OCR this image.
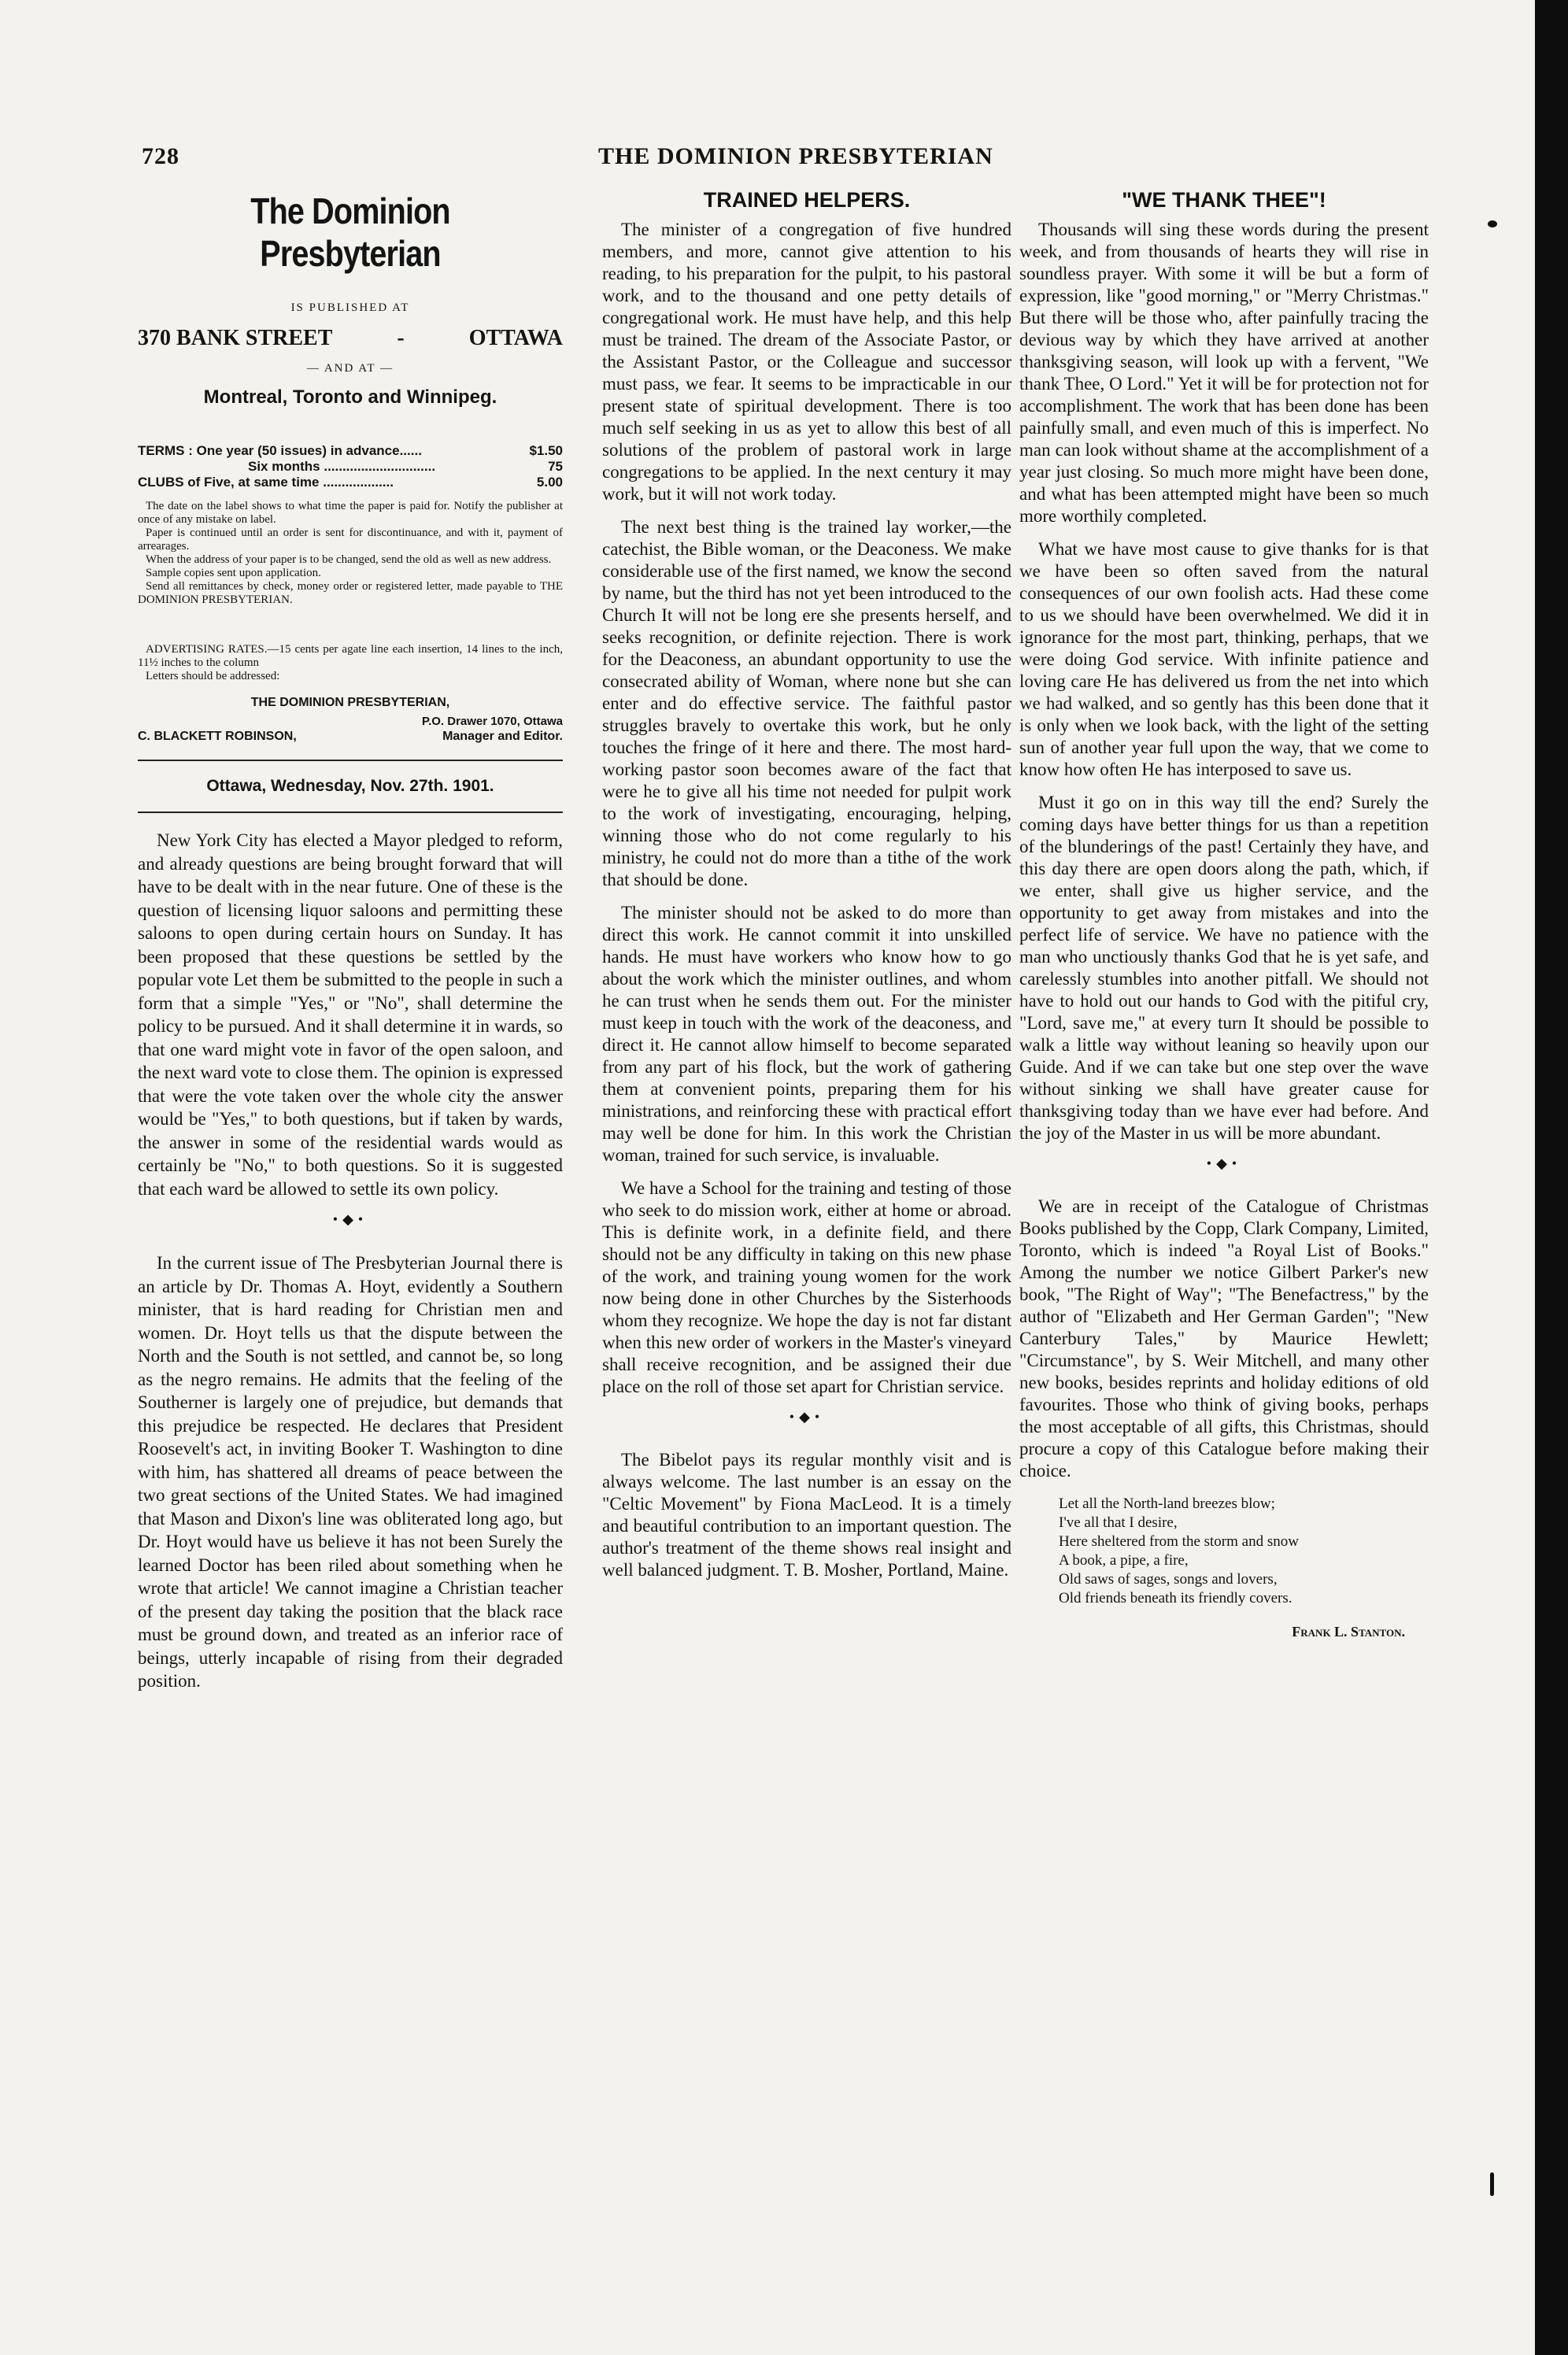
728	THE DOMINION PRESBYTERIAN
The Dominion Presbyterian
IS PUBLISHED AT
370 BANK STREET	-	OTTAWA
— AND AT —
Montreal, Toronto and Winnipeg.
TERMS : One year (50 issues) in advance......	$1.50
Six months ..............................	75
CLUBS of Five, at same time ...................	5.00

The date on the label shows to what time the paper is paid for. Notify the publisher at once of any mistake on label.

Paper is continued until an order is sent for discontinuance, and with it, payment of arrearages.

When the address of your paper is to be changed, send the old as well as new address.

Sample copies sent upon application.

Send all remittances by check, money order or registered letter, made payable to THE DOMINION PRESBYTERIAN.

ADVERTISING RATES.—15 cents per agate line each insertion, 14 lines to the inch, 11½ inches to the column

Letters should be addressed:

THE DOMINION PRESBYTERIAN,
P.O. Drawer 1070, Ottawa
C. BLACKETT ROBINSON,	Manager and Editor.
Ottawa, Wednesday, Nov. 27th. 1901.

New York City has elected a Mayor pledged to reform, and already questions are being brought forward that will have to be dealt with in the near future. One of these is the question of licensing liquor saloons and permitting these saloons to open during certain hours on Sunday. It has been proposed that these questions be settled by the popular vote Let them be submitted to the people in such a form that a simple "Yes," or "No", shall determine the policy to be pursued. And it shall determine it in wards, so that one ward might vote in favor of the open saloon, and the next ward vote to close them. The opinion is expressed that were the vote taken over the whole city the answer would be "Yes," to both questions, but if taken by wards, the answer in some of the residential wards would as certainly be "No," to both questions. So it is suggested that each ward be allowed to settle its own policy.

•◆•

In the current issue of The Presbyterian Journal there is an article by Dr. Thomas A. Hoyt, evidently a Southern minister, that is hard reading for Christian men and women. Dr. Hoyt tells us that the dispute between the North and the South is not settled, and cannot be, so long as the negro remains. He admits that the feeling of the Southerner is largely one of prejudice, but demands that this prejudice be respected. He declares that President Roosevelt's act, in inviting Booker T. Washington to dine with him, has shattered all dreams of peace between the two great sections of the United States. We had imagined that Mason and Dixon's line was obliterated long ago, but Dr. Hoyt would have us believe it has not been Surely the learned Doctor has been riled about something when he wrote that article! We cannot imagine a Christian teacher of the present day taking the position that the black race must be ground down, and treated as an inferior race of beings, utterly incapable of rising from their degraded position.

TRAINED HELPERS.

The minister of a congregation of five hundred members, and more, cannot give attention to his reading, to his preparation for the pulpit, to his pastoral work, and to the thousand and one petty details of congregational work. He must have help, and this help must be trained. The dream of the Associate Pastor, or the Assistant Pastor, or the Colleague and successor must pass, we fear. It seems to be impracticable in our present state of spiritual development. There is too much self seeking in us as yet to allow this best of all solutions of the problem of pastoral work in large congregations to be applied. In the next century it may work, but it will not work today.

The next best thing is the trained lay worker,—the catechist, the Bible woman, or the Deaconess. We make considerable use of the first named, we know the second by name, but the third has not yet been introduced to the Church It will not be long ere she presents herself, and seeks recognition, or definite rejection. There is work for the Deaconess, an abundant opportunity to use the consecrated ability of Woman, where none but she can enter and do effective service. The faithful pastor struggles bravely to overtake this work, but he only touches the fringe of it here and there. The most hard-working pastor soon becomes aware of the fact that were he to give all his time not needed for pulpit work to the work of investigating, encouraging, helping, winning those who do not come regularly to his ministry, he could not do more than a tithe of the work that should be done.

The minister should not be asked to do more than direct this work. He cannot commit it into unskilled hands. He must have workers who know how to go about the work which the minister outlines, and whom he can trust when he sends them out. For the minister must keep in touch with the work of the deaconess, and direct it. He cannot allow himself to become separated from any part of his flock, but the work of gathering them at convenient points, preparing them for his ministrations, and reinforcing these with practical effort may well be done for him. In this work the Christian woman, trained for such service, is invaluable.

We have a School for the training and testing of those who seek to do mission work, either at home or abroad. This is definite work, in a definite field, and there should not be any difficulty in taking on this new phase of the work, and training young women for the work now being done in other Churches by the Sisterhoods whom they recognize. We hope the day is not far distant when this new order of workers in the Master's vineyard shall receive recognition, and be assigned their due place on the roll of those set apart for Christian service.

•◆•

The Bibelot pays its regular monthly visit and is always welcome. The last number is an essay on the "Celtic Movement" by Fiona MacLeod. It is a timely and beautiful contribution to an important question. The author's treatment of the theme shows real insight and well balanced judgment. T. B. Mosher, Portland, Maine.

"WE THANK THEE"!

Thousands will sing these words during the present week, and from thousands of hearts they will rise in soundless prayer. With some it will be but a form of expression, like "good morning," or "Merry Christmas." But there will be those who, after painfully tracing the devious way by which they have arrived at another thanksgiving season, will look up with a fervent, "We thank Thee, O Lord." Yet it will be for protection not for accomplishment. The work that has been done has been painfully small, and even much of this is imperfect. No man can look without shame at the accomplishment of a year just closing. So much more might have been done, and what has been attempted might have been so much more worthily completed.

What we have most cause to give thanks for is that we have been so often saved from the natural consequences of our own foolish acts. Had these come to us we should have been overwhelmed. We did it in ignorance for the most part, thinking, perhaps, that we were doing God service. With infinite patience and loving care He has delivered us from the net into which we had walked, and so gently has this been done that it is only when we look back, with the light of the setting sun of another year full upon the way, that we come to know how often He has interposed to save us.

Must it go on in this way till the end? Surely the coming days have better things for us than a repetition of the blunderings of the past! Certainly they have, and this day there are open doors along the path, which, if we enter, shall give us higher service, and the opportunity to get away from mistakes and into the perfect life of service. We have no patience with the man who unctiously thanks God that he is yet safe, and carelessly stumbles into another pitfall. We should not have to hold out our hands to God with the pitiful cry, "Lord, save me," at every turn It should be possible to walk a little way without leaning so heavily upon our Guide. And if we can take but one step over the wave without sinking we shall have greater cause for thanksgiving today than we have ever had before. And the joy of the Master in us will be more abundant.

•◆•

We are in receipt of the Catalogue of Christmas Books published by the Copp, Clark Company, Limited, Toronto, which is indeed "a Royal List of Books." Among the number we notice Gilbert Parker's new book, "The Right of Way"; "The Benefactress," by the author of "Elizabeth and Her German Garden"; "New Canterbury Tales," by Maurice Hewlett; "Circumstance", by S. Weir Mitchell, and many other new books, besides reprints and holiday editions of old favourites. Those who think of giving books, perhaps the most acceptable of all gifts, this Christmas, should procure a copy of this Catalogue before making their choice.

Let all the North-land breezes blow;
I've all that I desire,
Here sheltered from the storm and snow
A book, a pipe, a fire,
Old saws of sages, songs and lovers,
Old friends beneath its friendly covers.
Frank L. Stanton.
